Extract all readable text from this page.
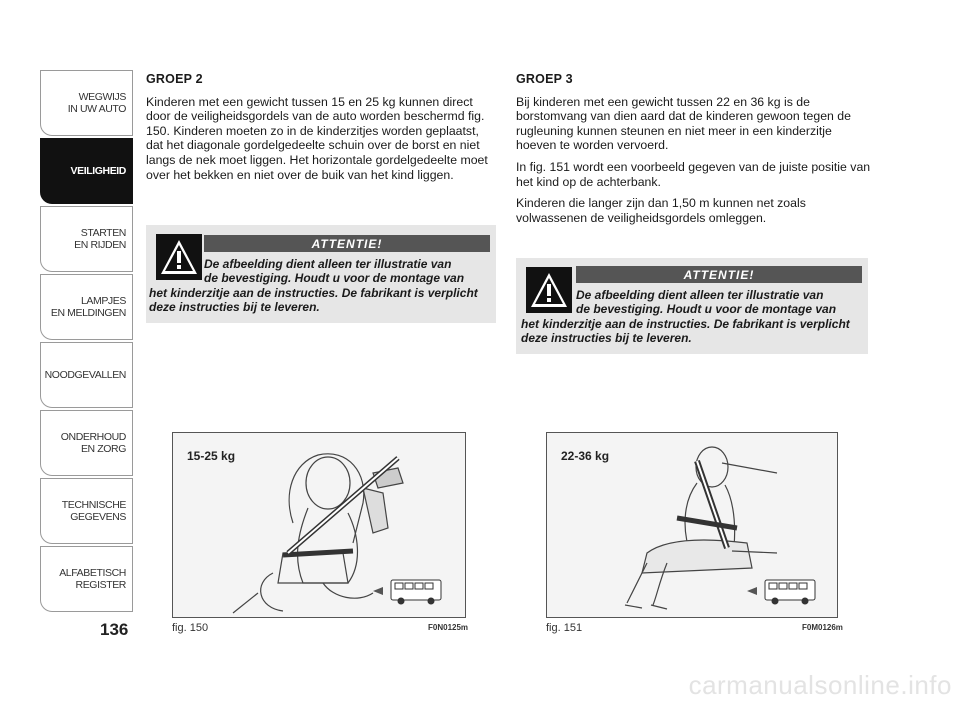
WEGWIJS
IN UW AUTO
VEILIGHEID
STARTEN
EN RIJDEN
LAMPJES
EN MELDINGEN
NOODGEVALLEN
ONDERHOUD
EN ZORG
TECHNISCHE
GEGEVENS
ALFABETISCH
REGISTER
136
GROEP 2

Kinderen met een gewicht tussen 15 en 25 kg kunnen direct door de veiligheidsgordels van de auto worden beschermd fig. 150. Kinderen moeten zo in de kinderzitjes worden geplaatst, dat het diagonale gordelgedeelte schuin over de borst en niet langs de nek moet liggen. Het horizontale gordelgedeelte moet over het bekken en niet over de buik van het kind liggen.

ATTENTIE!
De afbeelding dient alleen ter illustratie van
de bevestiging. Houdt u voor de montage van
het kinderzitje aan de instructies. De fabrikant is verplicht deze instructies bij te leveren.
15-25 kg
fig. 150	F0N0125m
GROEP 3

Bij kinderen met een gewicht tussen 22 en 36 kg is de borstomvang van dien aard dat de kinderen gewoon tegen de rugleuning kunnen steunen en niet meer in een kinderzitje hoeven te worden vervoerd.

In fig. 151 wordt een voorbeeld gegeven van de juiste positie van het kind op de achterbank.

Kinderen die langer zijn dan 1,50 m kunnen net zoals volwassenen de veiligheidsgordels omleggen.

ATTENTIE!
De afbeelding dient alleen ter illustratie van
de bevestiging. Houdt u voor de montage van
het kinderzitje aan de instructies. De fabrikant is verplicht deze instructies bij te leveren.
22-36 kg
fig. 151	F0M0126m
carmanualsonline.info
